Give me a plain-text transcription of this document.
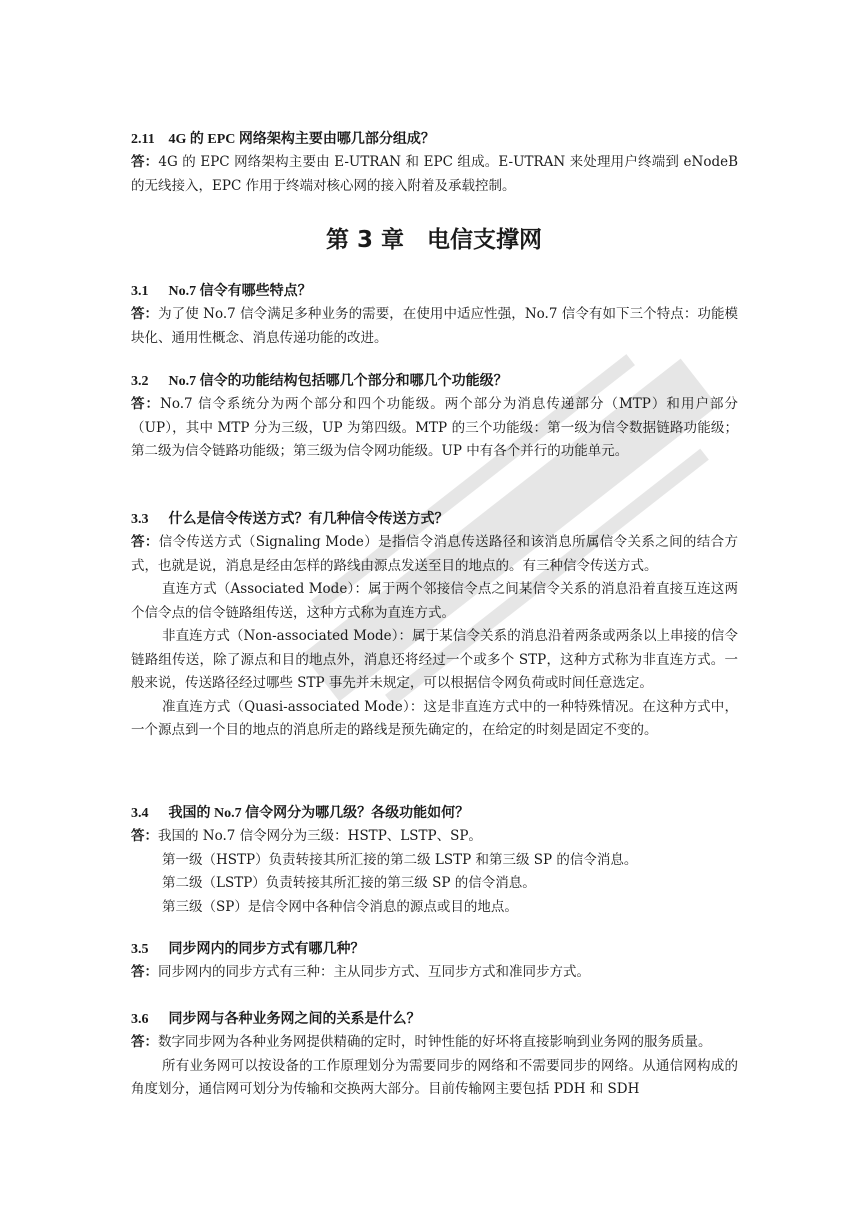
2.11 4G 的 EPC 网络架构主要由哪几部分组成？
答：4G 的 EPC 网络架构主要由 E-UTRAN 和 EPC 组成。E-UTRAN 来处理用户终端到 eNodeB 的无线接入，EPC 作用于终端对核心网的接入附着及承载控制。
第 3 章　电信支撑网
3.1 No.7 信令有哪些特点？
答：为了使 No.7 信令满足多种业务的需要，在使用中适应性强，No.7 信令有如下三个特点：功能模块化、通用性概念、消息传递功能的改进。
3.2 No.7 信令的功能结构包括哪几个部分和哪几个功能级？
答：No.7 信令系统分为两个部分和四个功能级。两个部分为消息传递部分（MTP）和用户部分（UP），其中 MTP 分为三级，UP 为第四级。MTP 的三个功能级：第一级为信令数据链路功能级；第二级为信令链路功能级；第三级为信令网功能级。UP 中有各个并行的功能单元。
3.3 什么是信令传送方式？有几种信令传送方式？
答：信令传送方式（Signaling Mode）是指信令消息传送路径和该消息所属信令关系之间的结合方式，也就是说，消息是经由怎样的路线由源点发送至目的地点的。有三种信令传送方式。
直连方式（Associated Mode）：属于两个邻接信令点之间某信令关系的消息沿着直接互连这两个信令点的信令链路组传送，这种方式称为直连方式。
非直连方式（Non-associated Mode）：属于某信令关系的消息沿着两条或两条以上串接的信令链路组传送，除了源点和目的地点外，消息还将经过一个或多个 STP，这种方式称为非直连方式。一般来说，传送路径经过哪些 STP 事先并未规定，可以根据信令网负荷或时间任意选定。
准直连方式（Quasi-associated Mode）：这是非直连方式中的一种特殊情况。在这种方式中，一个源点到一个目的地点的消息所走的路线是预先确定的，在给定的时刻是固定不变的。
3.4 我国的 No.7 信令网分为哪几级？各级功能如何？
答：我国的 No.7 信令网分为三级：HSTP、LSTP、SP。
第一级（HSTP）负责转接其所汇接的第二级 LSTP 和第三级 SP 的信令消息。
第二级（LSTP）负责转接其所汇接的第三级 SP 的信令消息。
第三级（SP）是信令网中各种信令消息的源点或目的地点。
3.5 同步网内的同步方式有哪几种？
答：同步网内的同步方式有三种：主从同步方式、互同步方式和准同步方式。
3.6 同步网与各种业务网之间的关系是什么？
答：数字同步网为各种业务网提供精确的定时，时钟性能的好坏将直接影响到业务网的服务质量。
所有业务网可以按设备的工作原理划分为需要同步的网络和不需要同步的网络。从通信网构成的角度划分，通信网可划分为传输和交换两大部分。目前传输网主要包括 PDH 和 SDH
